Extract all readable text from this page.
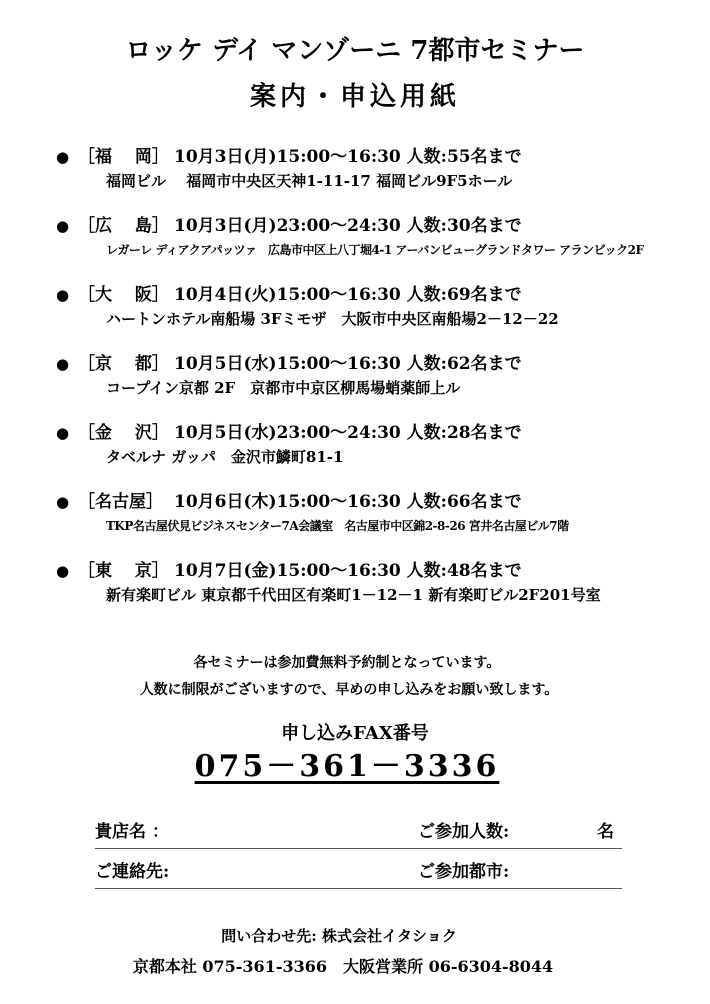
ロッケ デイ マンゾーニ 7都市セミナー
案内・申込用紙
● ［福　 岡］ 10月3日(月)15:00～16:30 人数:55名まで
福岡ビル　 福岡市中央区天神1-11-17 福岡ビル9F5ホール
● ［広　 島］ 10月3日(月)23:00～24:30 人数:30名まで
レガーレ ディアクアパッツァ　広島市中区上八丁堀4-1 アーバンビューグランドタワー アランビック2F
● ［大　 阪］ 10月4日(火)15:00～16:30 人数:69名まで
ハートンホテル南船場 3Fミモザ　大阪市中央区南船場2－12－22
● ［京　 都］ 10月5日(水)15:00～16:30 人数:62名まで
コープイン京都 2F　京都市中京区柳馬場蛸薬師上ル
● ［金　 沢］ 10月5日(水)23:00～24:30 人数:28名まで
タベルナ ガッパ　金沢市鱗町81-1
● ［名古屋］ 10月6日(木)15:00～16:30 人数:66名まで
TKP名古屋伏見ビジネスセンター7A会議室　名古屋市中区錦2-8-26 宮井名古屋ビル7階
● ［東　 京］ 10月7日(金)15:00～16:30 人数:48名まで
新有楽町ビル 東京都千代田区有楽町1－12－1 新有楽町ビル2F201号室
各セミナーは参加費無料予約制となっています。
人数に制限がございますので、早めの申し込みをお願い致します。
申し込みFAX番号
075－361－3336
貴店名 ：	ご参加人数:	名
ご連絡先:	ご参加都市:
問い合わせ先: 株式会社イタショク
京都本社 075-361-3366　大阪営業所 06-6304-8044
